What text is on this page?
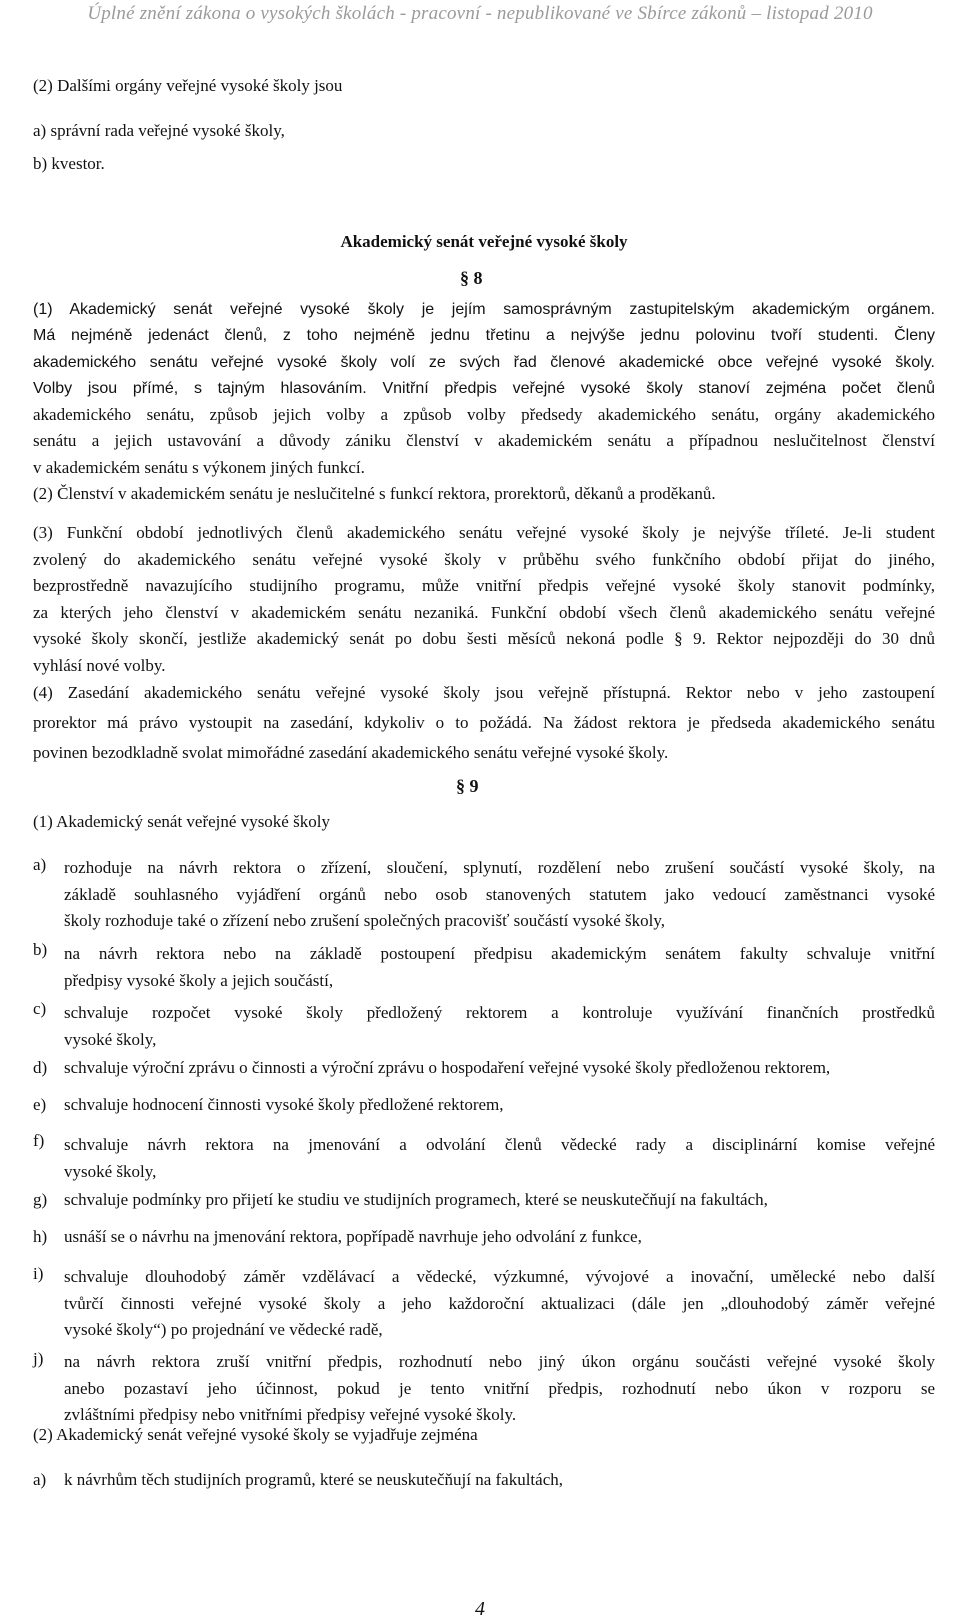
Úplné znění zákona o vysokých školách - pracovní - nepublikované ve Sbírce zákonů – listopad 2010
(2) Dalšími orgány veřejné vysoké školy jsou
a) správní rada veřejné vysoké školy,
b) kvestor.
Akademický senát veřejné vysoké školy
§ 8
(1) Akademický senát veřejné vysoké školy je jejím samosprávným zastupitelským akademickým orgánem.
Má nejméně jedenáct členů, z toho nejméně jednu třetinu a nejvýše jednu polovinu tvoří studenti. Členy
akademického senátu veřejné vysoké školy volí ze svých řad členové akademické obce veřejné vysoké školy.
Volby jsou přímé, s tajným hlasováním. Vnitřní předpis veřejné vysoké školy stanoví zejména počet členů
akademického senátu, způsob jejich volby a způsob volby předsedy akademického senátu, orgány akademického
senátu a jejich ustavování a důvody zániku členství v akademickém senátu a případnou neslučitelnost členství
v akademickém senátu s výkonem jiných funkcí.
(2) Členství v akademickém senátu je neslučitelné s funkcí rektora, prorektorů, děkanů a proděkanů.
(3) Funkční období jednotlivých členů akademického senátu veřejné vysoké školy je nejvýše tříleté. Je-li student
zvolený do akademického senátu veřejné vysoké školy v průběhu svého funkčního období přijat do jiného,
bezprostředně navazujícího studijního programu, může vnitřní předpis veřejné vysoké školy stanovit podmínky,
za kterých jeho členství v akademickém senátu nezaniká. Funkční období všech členů akademického senátu veřejné
vysoké školy skončí, jestliže akademický senát po dobu šesti měsíců nekoná podle § 9. Rektor nejpozději do 30 dnů
vyhlásí nové volby.
(4) Zasedání akademického senátu veřejné vysoké školy jsou veřejně přístupná. Rektor nebo v jeho zastoupení
prorektor má právo vystoupit na zasedání, kdykoliv o to požádá. Na žádost rektora je předseda akademického senátu
povinen bezodkladně svolat mimořádné zasedání akademického senátu veřejné vysoké školy.
§ 9
(1) Akademický senát veřejné vysoké školy
a) rozhoduje na návrh rektora o zřízení, sloučení, splynutí, rozdělení nebo zrušení součástí vysoké školy, na
základě souhlasného vyjádření orgánů nebo osob stanovených statutem jako vedoucí zaměstnanci vysoké
školy rozhoduje také o zřízení nebo zrušení společných pracovišť součástí vysoké školy,
b) na návrh rektora nebo na základě postoupení předpisu akademickým senátem fakulty schvaluje vnitřní
předpisy vysoké školy a jejich součástí,
c) schvaluje rozpočet vysoké školy předložený rektorem a kontroluje využívání finančních prostředků
vysoké školy,
d) schvaluje výroční zprávu o činnosti a výroční zprávu o hospodaření veřejné vysoké školy předloženou rektorem,
e) schvaluje hodnocení činnosti vysoké školy předložené rektorem,
f) schvaluje návrh rektora na jmenování a odvolání členů vědecké rady a disciplinární komise veřejné
vysoké školy,
g) schvaluje podmínky pro přijetí ke studiu ve studijních programech, které se neuskutečňují na fakultách,
h) usnáší se o návrhu na jmenování rektora, popřípadě navrhuje jeho odvolání z funkce,
i) schvaluje dlouhodobý záměr vzdělávací a vědecké, výzkumné, vývojové a inovační, umělecké nebo další
tvůrčí činnosti veřejné vysoké školy a jeho každoroční aktualizaci (dále jen „dlouhodobý záměr veřejné
vysoké školy“) po projednání ve vědecké radě,
j) na návrh rektora zruší vnitřní předpis, rozhodnutí nebo jiný úkon orgánu součásti veřejné vysoké školy
anebo pozastaví jeho účinnost, pokud je tento vnitřní předpis, rozhodnutí nebo úkon v rozporu se
zvláštními předpisy nebo vnitřními předpisy veřejné vysoké školy.
(2) Akademický senát veřejné vysoké školy se vyjadřuje zejména
a) k návrhům těch studijních programů, které se neuskutečňují na fakultách,
4
